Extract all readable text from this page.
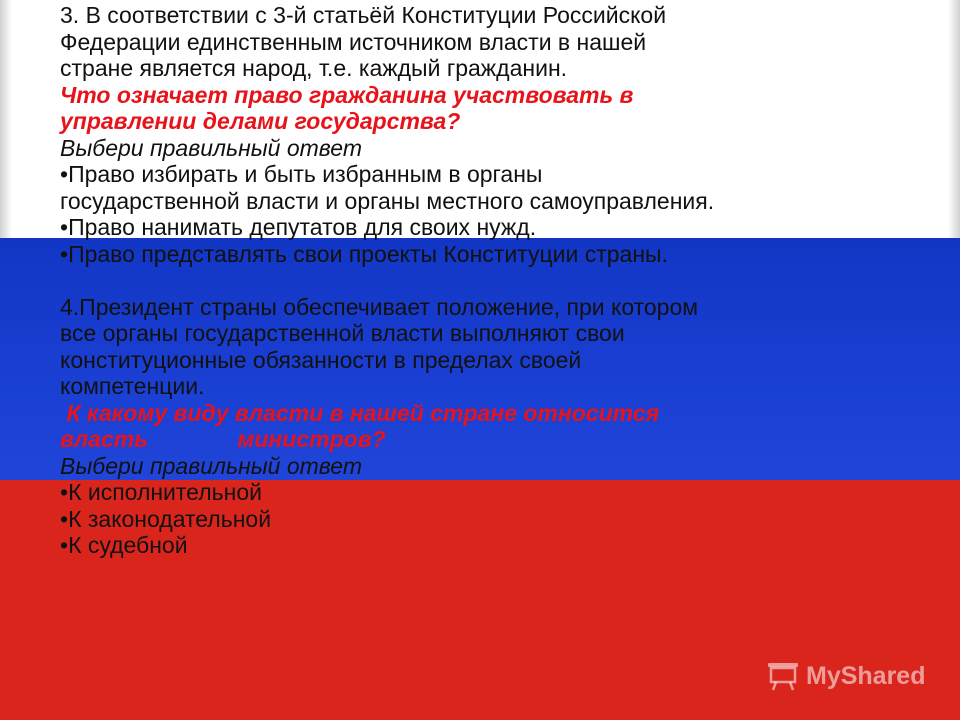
3. В соответствии с 3-й статьёй Конституции Российской

Федерации единственным источником власти в нашей

стране является народ, т.е. каждый гражданин.

Что означает право гражданина участвовать в

управлении делами государства?

Выбери правильный ответ

• Право избирать и быть избранным в органы

государственной власти и органы местного самоуправления.

• Право нанимать депутатов для своих нужд.

• Право представлять свои проекты Конституции страны.

4.Президент страны обеспечивает положение, при котором

все органы государственной власти выполняют свои

конституционные обязанности в пределах своей

компетенции.

К какому виду власти в нашей стране относится

власть              министров?

Выбери правильный ответ

• К исполнительной

• К законодательной

• К судебной

MyShared
